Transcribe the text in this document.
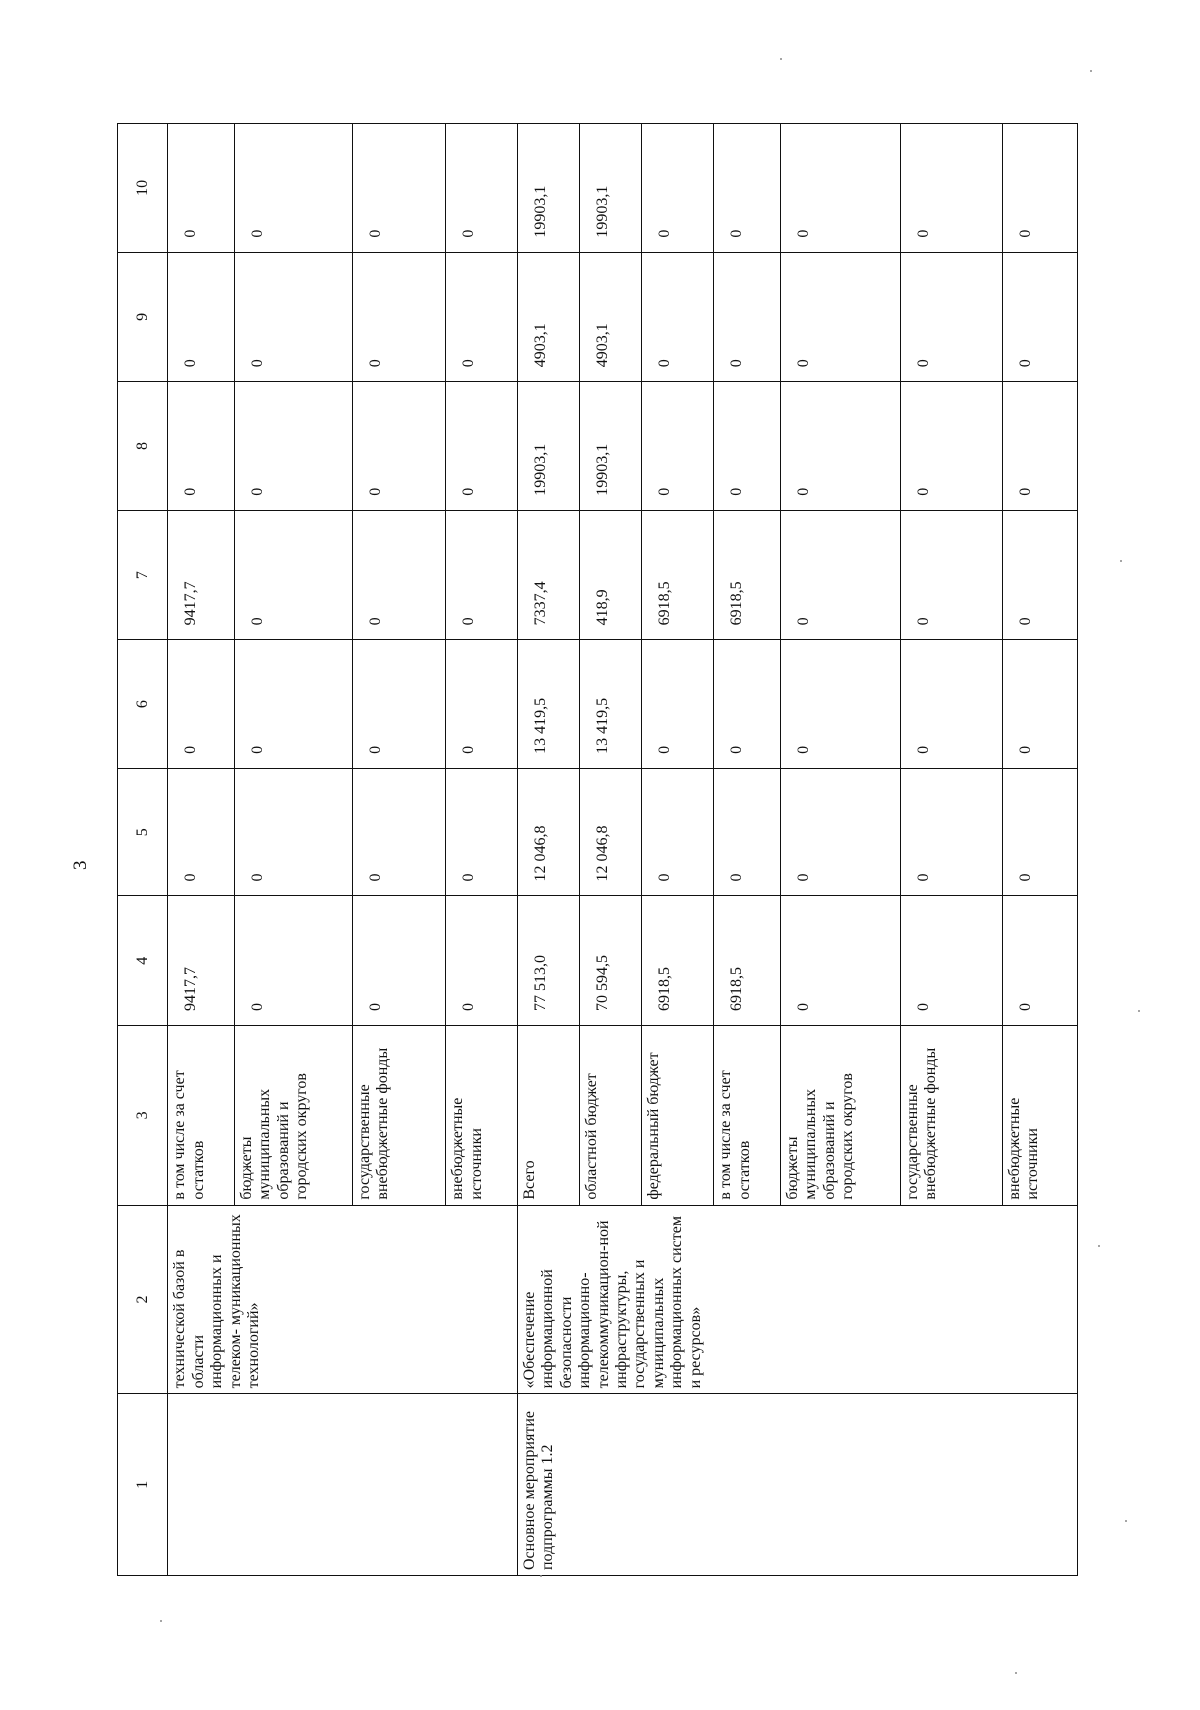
3
1	2	3	4	5	6	7	8	9	10
	технической базой в области информационных и телеком- муникационных технологий»	в том числе за счет остатков	9417,7	0	0	9417,7	0	0	0
		бюджеты муниципальных образований и городских округов	0	0	0	0	0	0	0
		государственные внебюджетные фонды	0	0	0	0	0	0	0
		внебюджетные источники	0	0	0	0	0	0	0
Основное мероприятие подпрограммы 1.2	«Обеспечение информационной безопасности информационно-телекоммуникацион-ной инфраструктуры, государственных и муниципальных информационных систем и ресурсов»	Всего	77 513,0	12 046,8	13 419,5	7337,4	19903,1	4903,1	19903,1
		областной бюджет	70 594,5	12 046,8	13 419,5	418,9	19903,1	4903,1	19903,1
		федеральный бюджет	6918,5	0	0	6918,5	0	0	0
		в том числе за счет остатков	6918,5	0	0	6918,5	0	0	0
		бюджеты муниципальных образований и городских округов	0	0	0	0	0	0	0
		государственные внебюджетные фонды	0	0	0	0	0	0	0
		внебюджетные источники	0	0	0	0	0	0	0
